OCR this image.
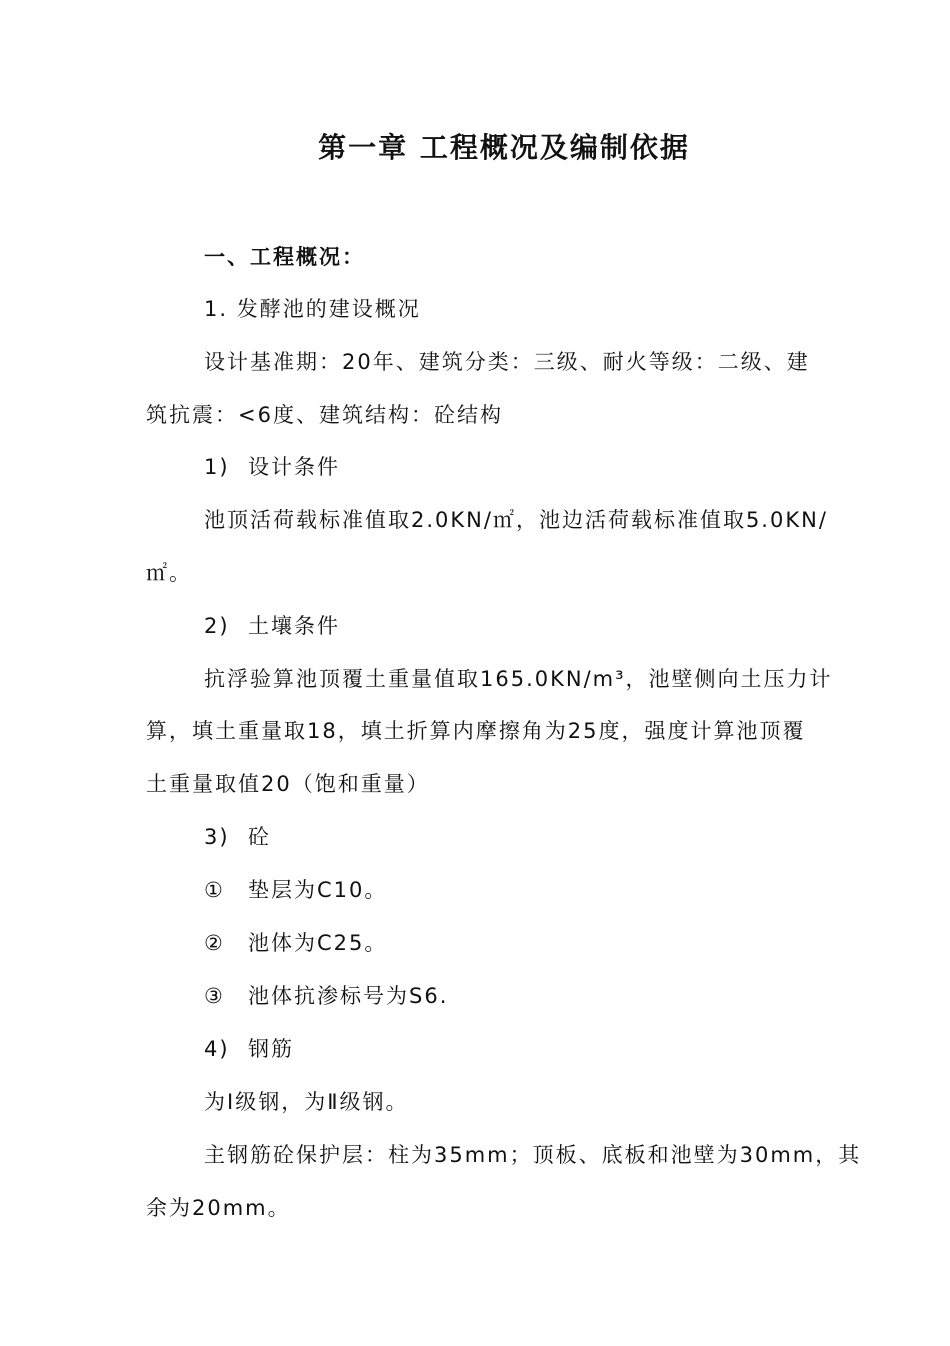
第一章 工程概况及编制依据
一、工程概况：
1. 发酵池的建设概况
设计基准期：20年、建筑分类：三级、耐火等级：二级、建
筑抗震：<6度、建筑结构：砼结构
1) 设计条件
池顶活荷载标准值取2.0KN/㎡，池边活荷载标准值取5.0KN/
㎡。
2) 土壤条件
抗浮验算池顶覆土重量值取165.0KN/m³，池壁侧向土压力计
算，填土重量取18，填土折算内摩擦角为25度，强度计算池顶覆
土重量取值20（饱和重量）
3) 砼
① 垫层为C10。
② 池体为C25。
③ 池体抗渗标号为S6.
4) 钢筋
为Ⅰ级钢，为Ⅱ级钢。
主钢筋砼保护层：柱为35mm；顶板、底板和池壁为30mm，其
余为20mm。
